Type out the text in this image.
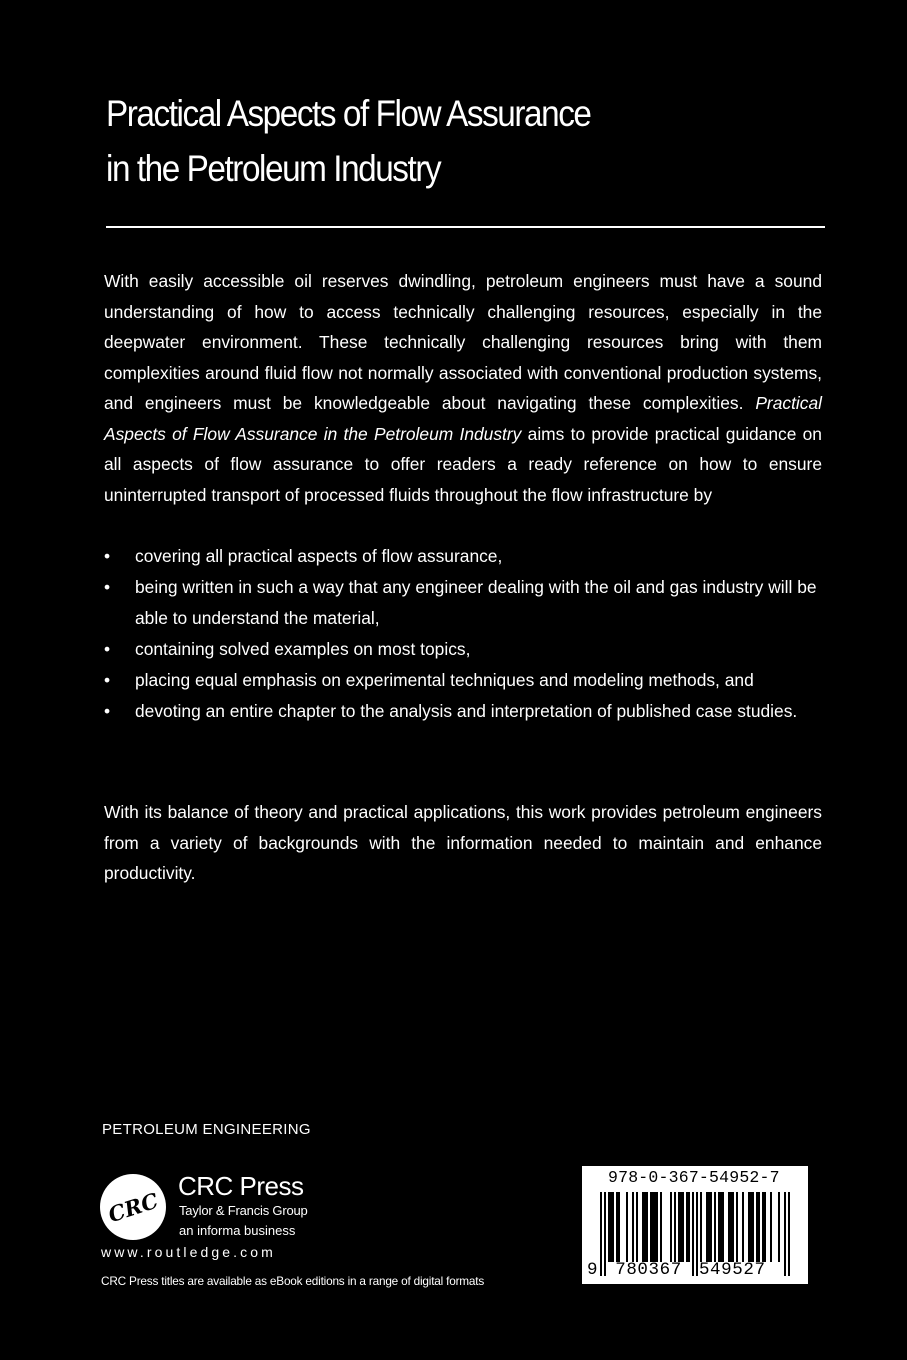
Practical Aspects of Flow Assurance
in the Petroleum Industry

With easily accessible oil reserves dwindling, petroleum engineers must have a sound understanding of how to access technically challenging resources, especially in the deepwater environment. These technically challenging resources bring with them complexities around fluid flow not normally associated with conventional production systems, and engineers must be knowledgeable about navigating these complexities. Practical Aspects of Flow Assurance in the Petroleum Industry aims to provide practical guidance on all aspects of flow assurance to offer readers a ready reference on how to ensure uninterrupted transport of processed fluids throughout the flow infrastructure by

• covering all practical aspects of flow assurance,
• being written in such a way that any engineer dealing with the oil and gas industry will be able to understand the material,
• containing solved examples on most topics,
• placing equal emphasis on experimental techniques and modeling methods, and
• devoting an entire chapter to the analysis and interpretation of published case studies.

With its balance of theory and practical applications, this work provides petroleum engineers from a variety of backgrounds with the information needed to maintain and enhance productivity.

PETROLEUM ENGINEERING
CRC
CRC Press
Taylor & Francis Group
an informa business
www.routledge.com
CRC Press titles are available as eBook editions in a range of digital formats
978-0-367-54952-7
9 780367 549527
